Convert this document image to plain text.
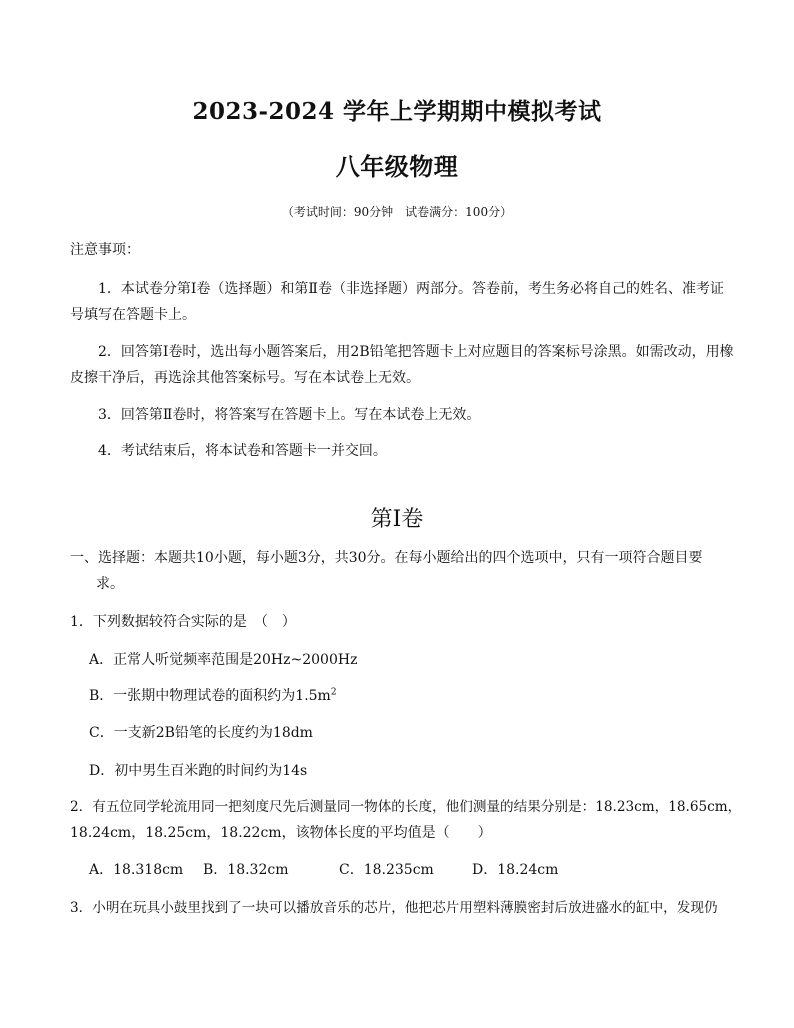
2023-2024 学年上学期期中模拟考试
八年级物理
（考试时间：90分钟　试卷满分：100分）
注意事项：
1．本试卷分第Ⅰ卷（选择题）和第Ⅱ卷（非选择题）两部分。答卷前，考生务必将自己的姓名、准考证
号填写在答题卡上。
2．回答第Ⅰ卷时，选出每小题答案后，用2B铅笔把答题卡上对应题目的答案标号涂黑。如需改动，用橡
皮擦干净后，再选涂其他答案标号。写在本试卷上无效。
3．回答第Ⅱ卷时，将答案写在答题卡上。写在本试卷上无效。
4．考试结束后，将本试卷和答题卡一并交回。
第Ⅰ卷
一、选择题：本题共10小题，每小题3分，共30分。在每小题给出的四个选项中，只有一项符合题目要
求。
1．下列数据较符合实际的是　（　）
A．正常人听觉频率范围是20Hz~2000Hz
B．一张期中物理试卷的面积约为$1.5m^2$
C．一支新2B铅笔的长度约为18dm
D．初中男生百米跑的时间约为14s
2．有五位同学轮流用同一把刻度尺先后测量同一物体的长度，他们测量的结果分别是：18.23cm，18.65cm，
18.24cm，18.25cm，18.22cm，该物体长度的平均值是（　　）
A．18.318cm B．18.32cm	C．18.235cm	D．18.24cm
3．小明在玩具小鼓里找到了一块可以播放音乐的芯片，他把芯片用塑料薄膜密封后放进盛水的缸中，发现仍
